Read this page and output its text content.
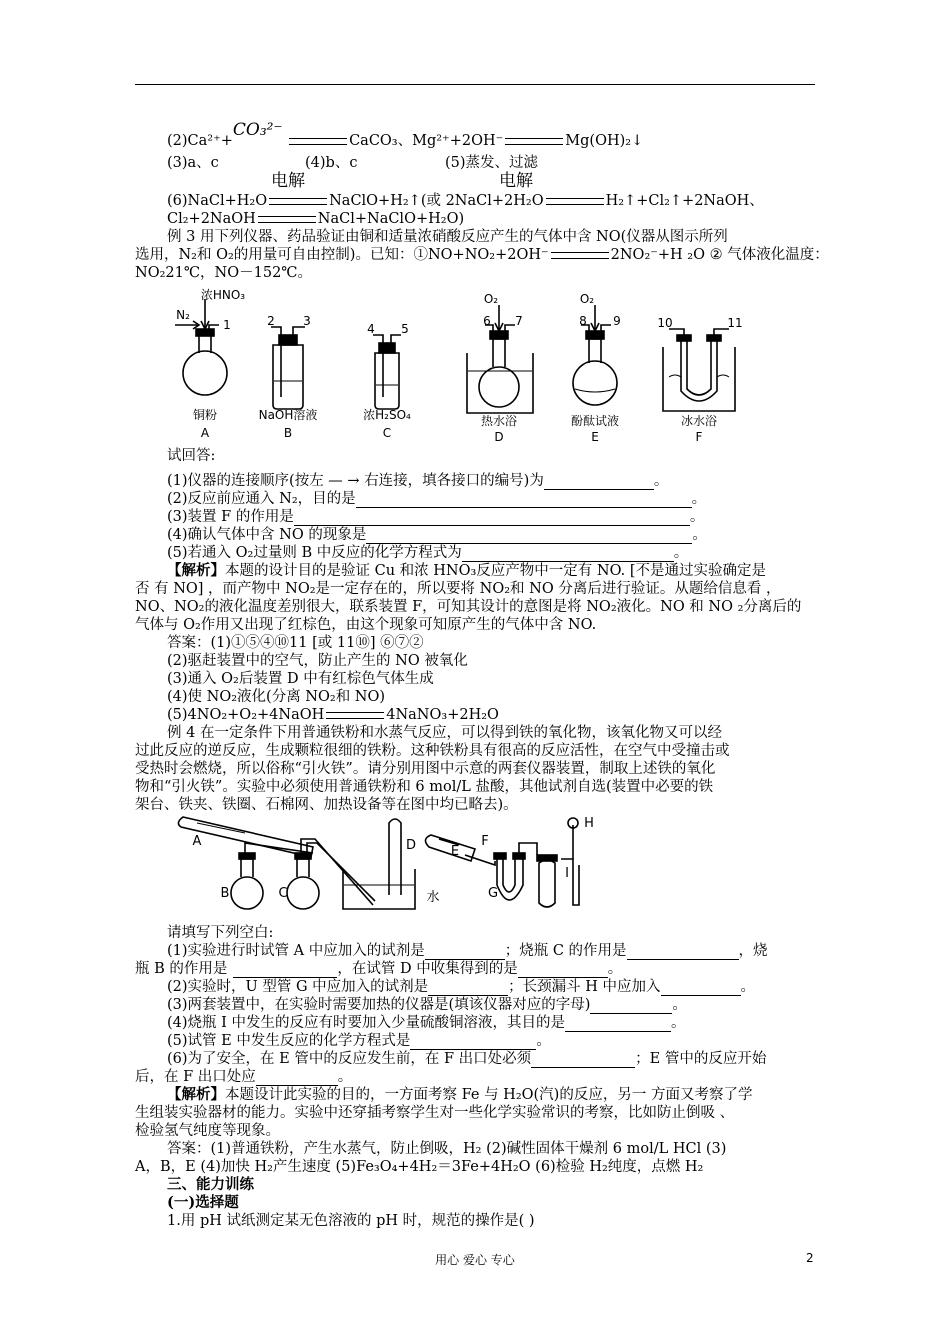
(2)Ca²⁺+CO₃²⁻ CaCO₃、Mg²⁺+2OH⁻	Mg(OH)₂↓
(3)a、c	(4)b、c	(5)蒸发、过滤
电解	电解
(6)NaCl+H₂O	NaClO+H₂↑(或 2NaCl+2H₂O	H₂↑+Cl₂↑+2NaOH、
Cl₂+2NaOH	NaCl+NaClO+H₂O)
例 3 用下列仪器、药品验证由铜和适量浓硝酸反应产生的气体中含 NO(仪器从图示所列
选用，N₂和 O₂的用量可自由控制)。已知：①NO+NO₂+2OH⁻	2NO₂⁻+H ₂O ② 气体液化温度：
NO₂21℃，NO－152℃。
浓HNO₃
N₂
1	2 3
4 5
6 7	8 9	10	11
O₂	O₂
铜粉	NaOH溶液	浓H₂SO₄	热水浴	酚酞试液	冰水浴
A	B	C	D	E	F
试回答:
(1)仪器的连接顺序(按左 — → 右连接，填各接口的编号)为	。
(2)反应前应通入 N₂，目的是	。
(3)装置 F 的作用是	。
(4)确认气体中含 NO 的现象是	。
(5)若通入 O₂过量则 B 中反应的化学方程式为	。
【解析】本题的设计目的是验证 Cu 和浓 HNO₃反应产物中一定有 NO. [不是通过实验确定是
否 有 NO] ，而产物中 NO₂是一定存在的，所以要将 NO₂和 NO 分离后进行验证。从题给信息看 ，
NO、NO₂的液化温度差别很大，联系装置 F，可知其设计的意图是将 NO₂液化。NO 和 NO ₂分离后的
气体与 O₂作用又出现了红棕色，由这个现象可知原产生的气体中含 NO.
答案：(1)①⑤④⑩11 [或 11⑩] ⑥⑦②
(2)驱赶装置中的空气，防止产生的 NO 被氧化
(3)通入 O₂后装置 D 中有红棕色气体生成
(4)使 NO₂液化(分离 NO₂和 NO)
(5)4NO₂+O₂+4NaOH	4NaNO₃+2H₂O
例 4 在一定条件下用普通铁粉和水蒸气反应，可以得到铁的氧化物，该氧化物又可以经
过此反应的逆反应，生成颗粒很细的铁粉。这种铁粉具有很高的反应活性，在空气中受撞击或
受热时会燃烧，所以俗称“引火铁”。请分别用图中示意的两套仪器装置，制取上述铁的氧化
物和“引火铁”。实验中必须使用普通铁粉和 6 mol/L 盐酸，其他试剂自选(装置中必要的铁
架台、铁夹、铁圈、石棉网、加热设备等在图中均已略去)。
A
B	C
D
水
E
F
G
H
I
请填写下列空白:
(1)实验进行时试管 A 中应加入的试剂是	；烧瓶 C 的作用是	，烧
瓶 B 的作用是	，在试管 D 中收集得到的是	。
(2)实验时，U 型管 G 中应加入的试剂是	；长颈漏斗 H 中应加入	。
(3)两套装置中，在实验时需要加热的仪器是(填该仪器对应的字母)	。
(4)烧瓶 I 中发生的反应有时要加入少量硫酸铜溶液，其目的是	。
(5)试管 E 中发生反应的化学方程式是	。
(6)为了安全，在 E 管中的反应发生前，在 F 出口处必须	；E 管中的反应开始
后，在 F 出口处应	。
【解析】本题设计此实验的目的，一方面考察 Fe 与 H₂O(汽)的反应，另一 方面又考察了学
生组装实验器材的能力。实验中还穿插考察学生对一些化学实验常识的考察，比如防止倒吸 、
检验氢气纯度等现象。
答案：(1)普通铁粉，产生水蒸气，防止倒吸，H₂ (2)碱性固体干燥剂 6 mol/L HCl (3)
A，B，E (4)加快 H₂产生速度 (5)Fe₃O₄+4H₂＝3Fe+4H₂O (6)检验 H₂纯度，点燃 H₂
三、能力训练
(一)选择题
1.用 pH 试纸测定某无色溶液的 pH 时，规范的操作是( )
用心 爱心 专心	2
